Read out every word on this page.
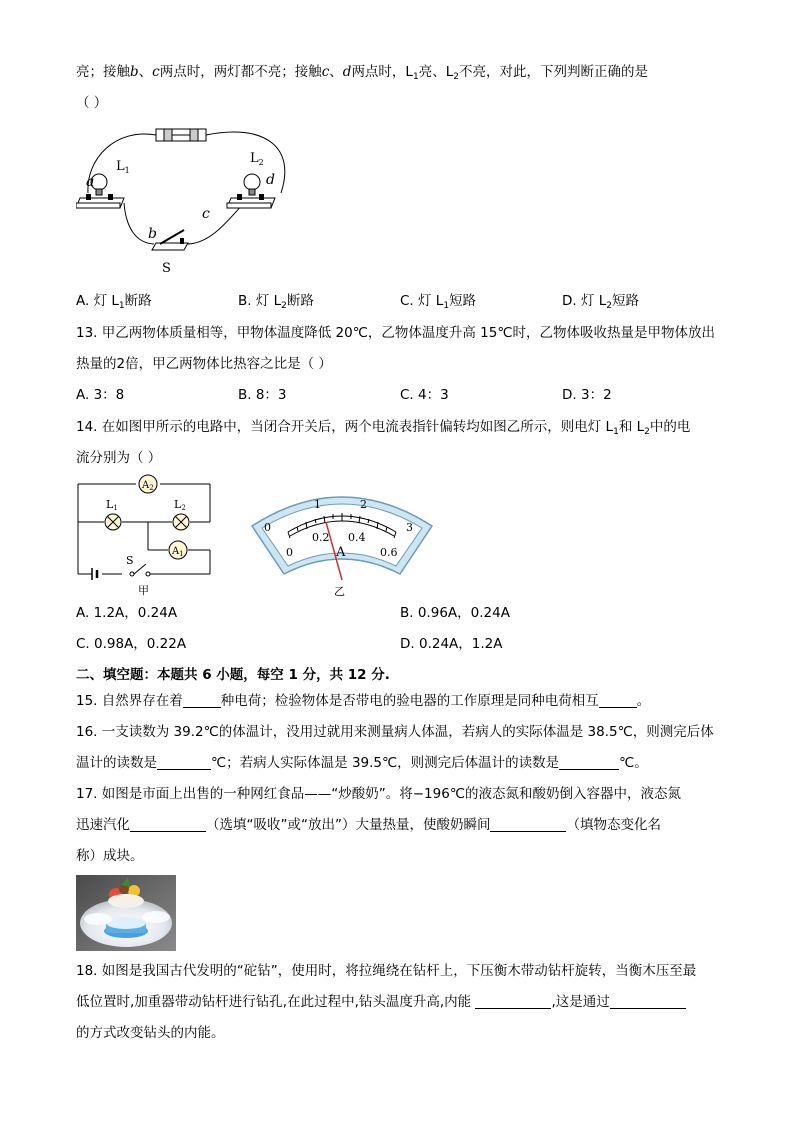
亮；接触b、c两点时，两灯都不亮；接触c、d两点时，$L_1$亮、$L_2$不亮，对此，下列判断正确的是
（ ）
a
$L_1$
$L_2$
d
c
b
S
A. 灯 $L_1$断路	B. 灯 $L_2$断路	C. 灯 $L_1$短路	D. 灯 $L_2$短路
13. 甲乙两物体质量相等，甲物体温度降低 20℃，乙物体温度升高 15℃时，乙物体吸收热量是甲物体放出
热量的2倍，甲乙两物体比热容之比是（ ）
A. 3：8	B. 8：3	C. 4：3	D. 3：2
14. 在如图甲所示的电路中，当闭合开关后，两个电流表指针偏转均如图乙所示，则电灯 $L_1$和 $L_2$中的电
流分别为（ ）
$A_2$
$A_1$
L1	L2
S
甲
0
1	2
3
0
0.2 0.4
0.6
A
乙
A. 1.2A，0.24A	B. 0.96A，0.24A
C. 0.98A，0.22A	D. 0.24A，1.2A
二、填空题：本题共 6 小题，每空 1 分，共 12 分.
15. 自然界存在着	种电荷；检验物体是否带电的验电器的工作原理是同种电荷相互	。
16. 一支读数为 39.2℃的体温计，没用过就用来测量病人体温，若病人的实际体温是 38.5℃，则测完后体
温计的读数是	℃；若病人实际体温是 39.5℃，则测完后体温计的读数是	℃。
17. 如图是市面上出售的一种网红食品——“炒酸奶”。将−196℃的液态氮和酸奶倒入容器中，液态氮
迅速汽化	（选填“吸收”或“放出”）大量热量，使酸奶瞬间	（填物态变化名
称）成块。
18. 如图是我国古代发明的“砣钻”，使用时，将拉绳绕在钻杆上，下压衡木带动钻杆旋转，当衡木压至最
低位置时,加重器带动钻杆进行钻孔,在此过程中,钻头温度升高,内能	,这是通过
的方式改变钻头的内能。
